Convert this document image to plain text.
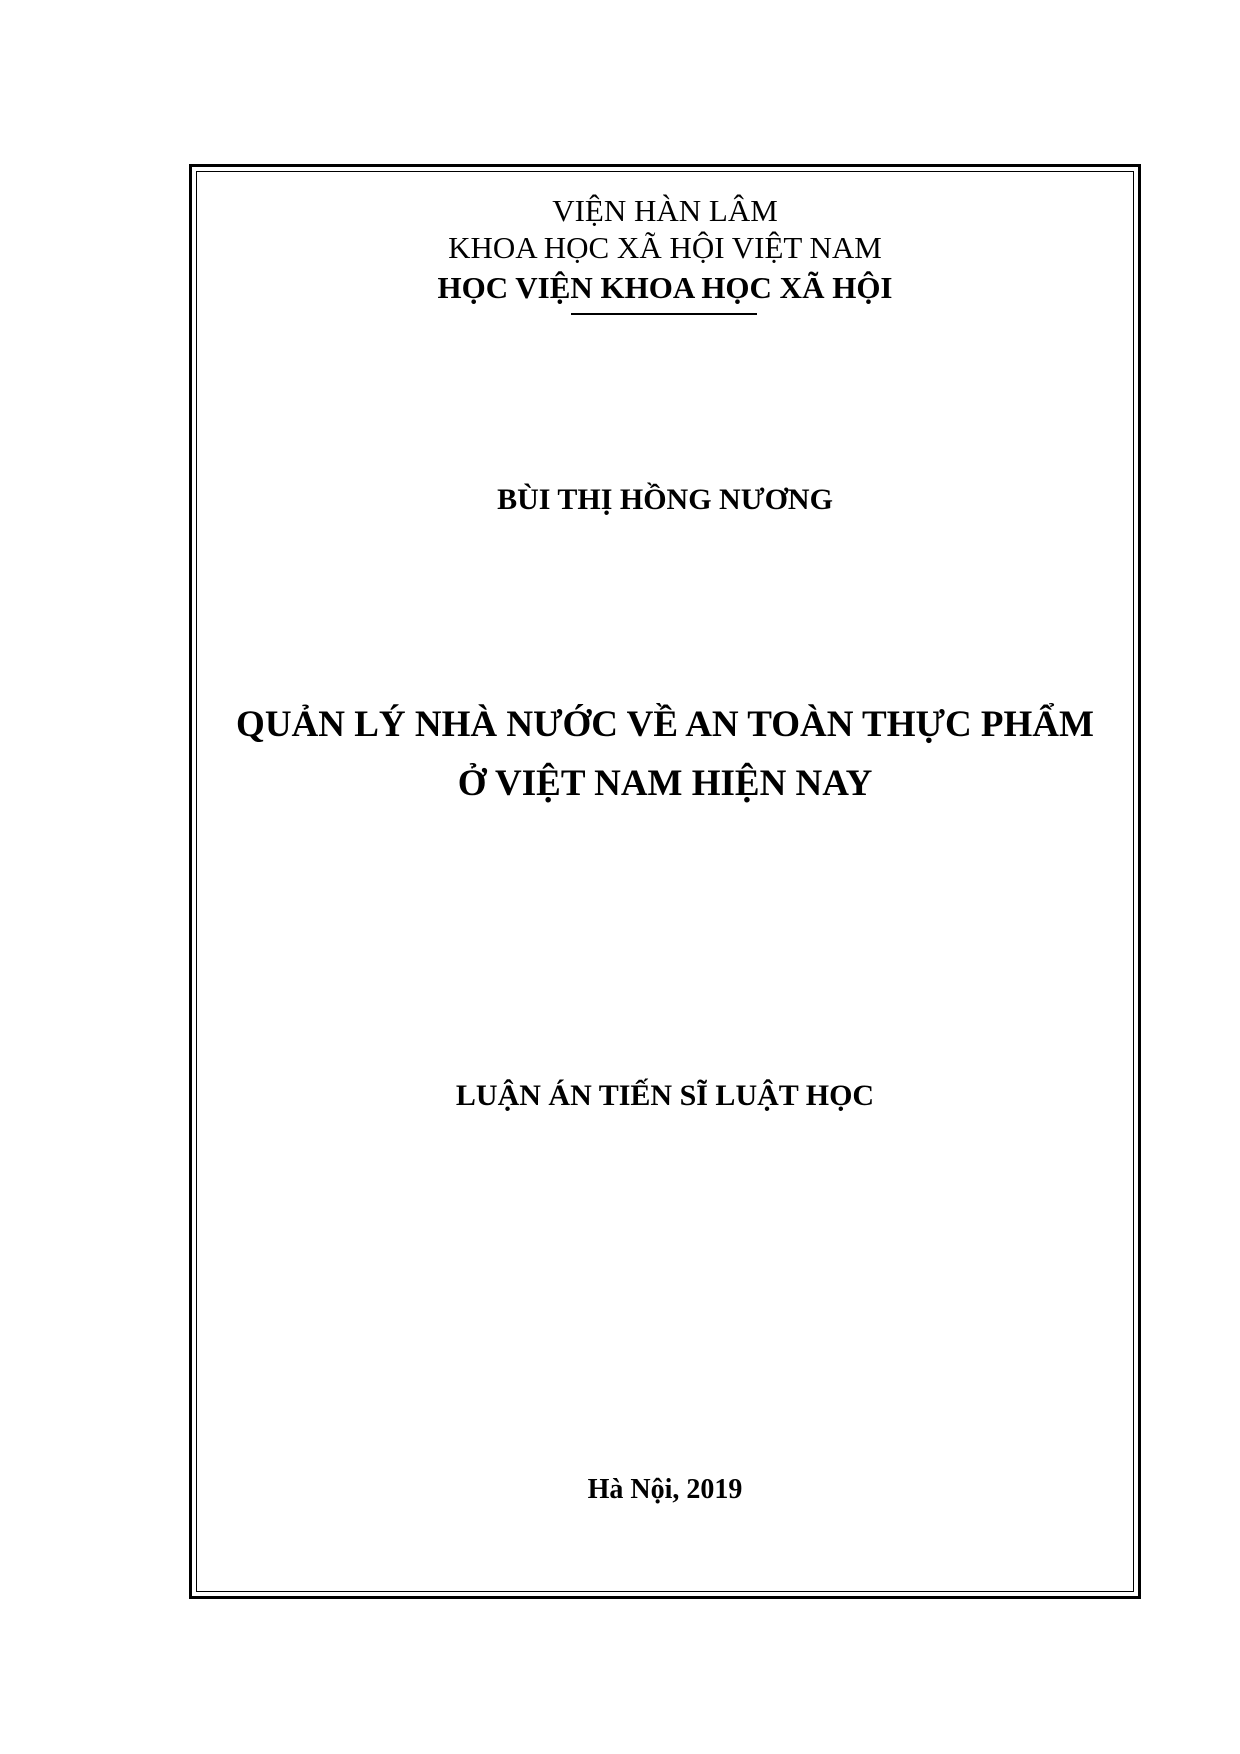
VIỆN HÀN LÂM
KHOA HỌC XÃ HỘI VIỆT NAM
HỌC VIỆN KHOA HỌC XÃ HỘI
BÙI THỊ HỒNG NƯƠNG
QUẢN LÝ NHÀ NƯỚC VỀ AN TOÀN THỰC PHẨM
Ở VIỆT NAM HIỆN NAY
LUẬN ÁN TIẾN SĨ LUẬT HỌC
Hà Nội, 2019
